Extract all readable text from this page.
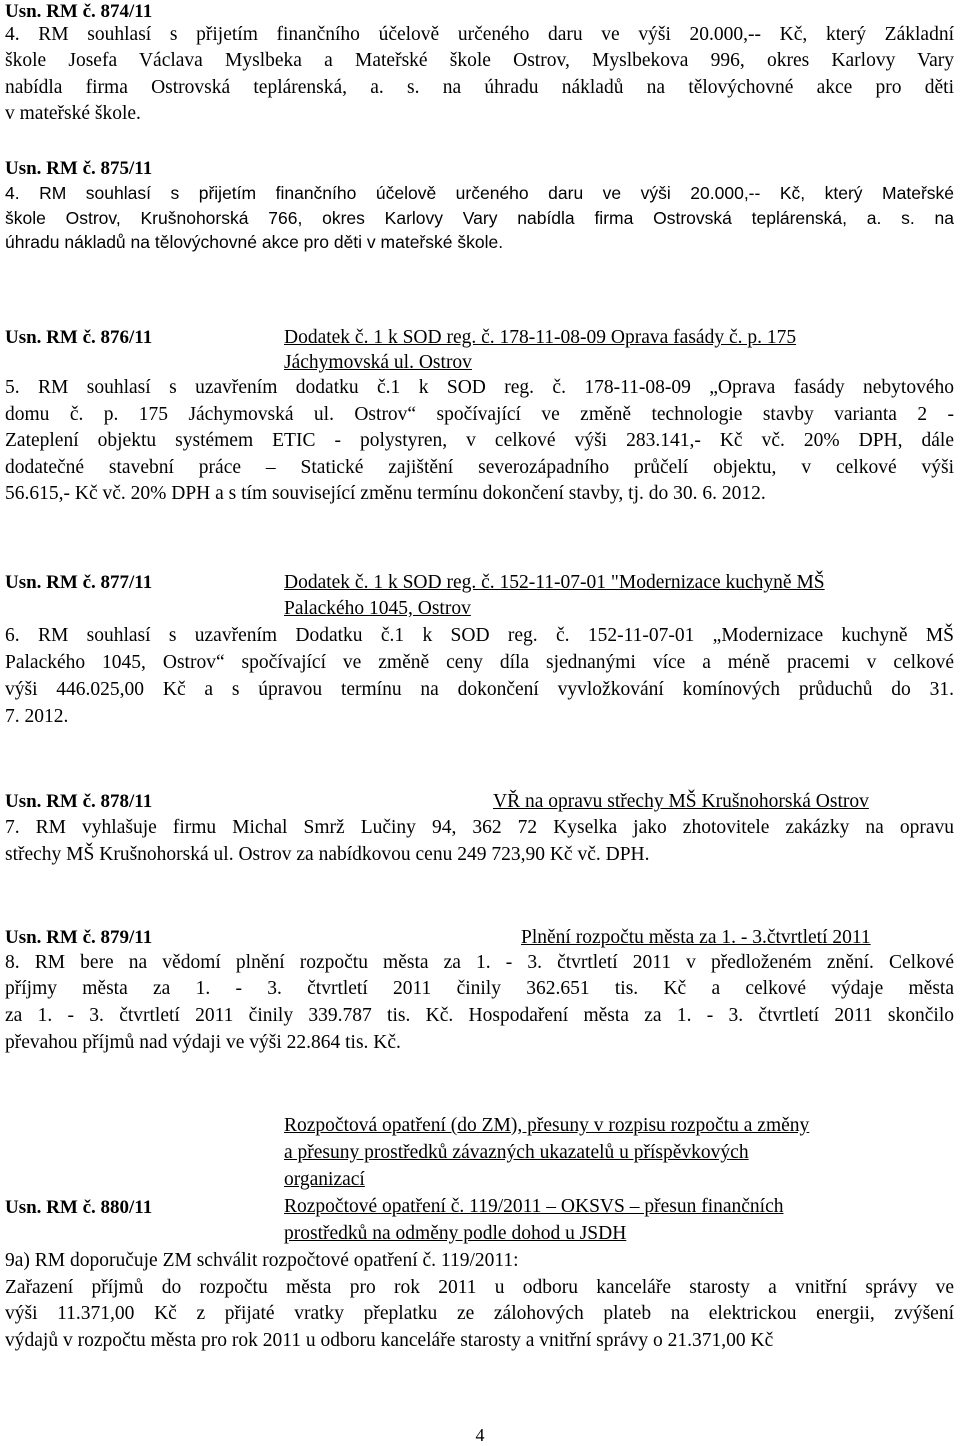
Usn. RM č. 874/11
4. RM souhlasí s přijetím finančního účelově určeného daru ve výši 20.000,-- Kč, který Základní
škole Josefa Václava Myslbeka a Mateřské škole Ostrov, Myslbekova 996, okres Karlovy Vary
nabídla firma Ostrovská teplárenská, a. s. na úhradu nákladů na tělovýchovné akce pro děti
v mateřské škole.
Usn. RM č. 875/11
4. RM souhlasí s přijetím finančního účelově určeného daru ve výši 20.000,-- Kč, který Mateřské
škole Ostrov, Krušnohorská 766, okres Karlovy Vary nabídla firma Ostrovská teplárenská, a. s. na
úhradu nákladů na tělovýchovné akce pro děti v mateřské škole.
Usn. RM č. 876/11	Dodatek č. 1 k SOD reg. č. 178-11-08-09 Oprava fasády č. p. 175
Jáchymovská ul. Ostrov
5. RM souhlasí s uzavřením dodatku č.1 k SOD reg. č. 178-11-08-09 „Oprava fasády nebytového
domu č. p. 175 Jáchymovská ul. Ostrov“ spočívající ve změně technologie stavby varianta 2 -
Zateplení objektu systémem ETIC - polystyren, v celkové výši 283.141,- Kč vč. 20% DPH, dále
dodatečné stavební práce – Statické zajištění severozápadního průčelí objektu, v celkové výši
56.615,- Kč vč. 20% DPH a s tím související změnu termínu dokončení stavby, tj. do 30. 6. 2012.
Usn. RM č. 877/11	Dodatek č. 1 k SOD reg. č. 152-11-07-01 "Modernizace kuchyně MŠ
Palackého 1045, Ostrov
6. RM souhlasí s uzavřením Dodatku č.1 k SOD reg. č. 152-11-07-01 „Modernizace kuchyně MŠ
Palackého 1045, Ostrov“ spočívající ve změně ceny díla sjednanými více a méně pracemi v celkové
výši 446.025,00 Kč a s úpravou termínu na dokončení vyvložkování komínových průduchů do 31.
7. 2012.
Usn. RM č. 878/11	VŘ na opravu střechy MŠ Krušnohorská Ostrov
7. RM vyhlašuje firmu Michal Smrž Lučiny 94, 362 72 Kyselka jako zhotovitele zakázky na opravu
střechy MŠ Krušnohorská ul. Ostrov za nabídkovou cenu 249 723,90 Kč vč. DPH.
Usn. RM č. 879/11	Plnění rozpočtu města za 1. - 3.čtvrtletí 2011
8. RM bere na vědomí plnění rozpočtu města za 1. - 3. čtvrtletí 2011 v předloženém znění. Celkové
příjmy města za 1. - 3. čtvrtletí 2011 činily 362.651 tis. Kč a celkové výdaje města
za 1. - 3. čtvrtletí 2011 činily 339.787 tis. Kč. Hospodaření města za 1. - 3. čtvrtletí 2011 skončilo
převahou příjmů nad výdaji ve výši 22.864 tis. Kč.
Rozpočtová opatření (do ZM), přesuny v rozpisu rozpočtu a změny
a přesuny prostředků závazných ukazatelů u příspěvkových
organizací
Usn. RM č. 880/11	Rozpočtové opatření č. 119/2011 – OKSVS – přesun finančních
prostředků na odměny podle dohod u JSDH
9a) RM doporučuje ZM schválit rozpočtové opatření č. 119/2011:
Zařazení příjmů do rozpočtu města pro rok 2011 u odboru kanceláře starosty a vnitřní správy ve
výši 11.371,00 Kč z přijaté vratky přeplatku ze zálohových plateb na elektrickou energii, zvýšení
výdajů v rozpočtu města pro rok 2011 u odboru kanceláře starosty a vnitřní správy o 21.371,00 Kč
4
